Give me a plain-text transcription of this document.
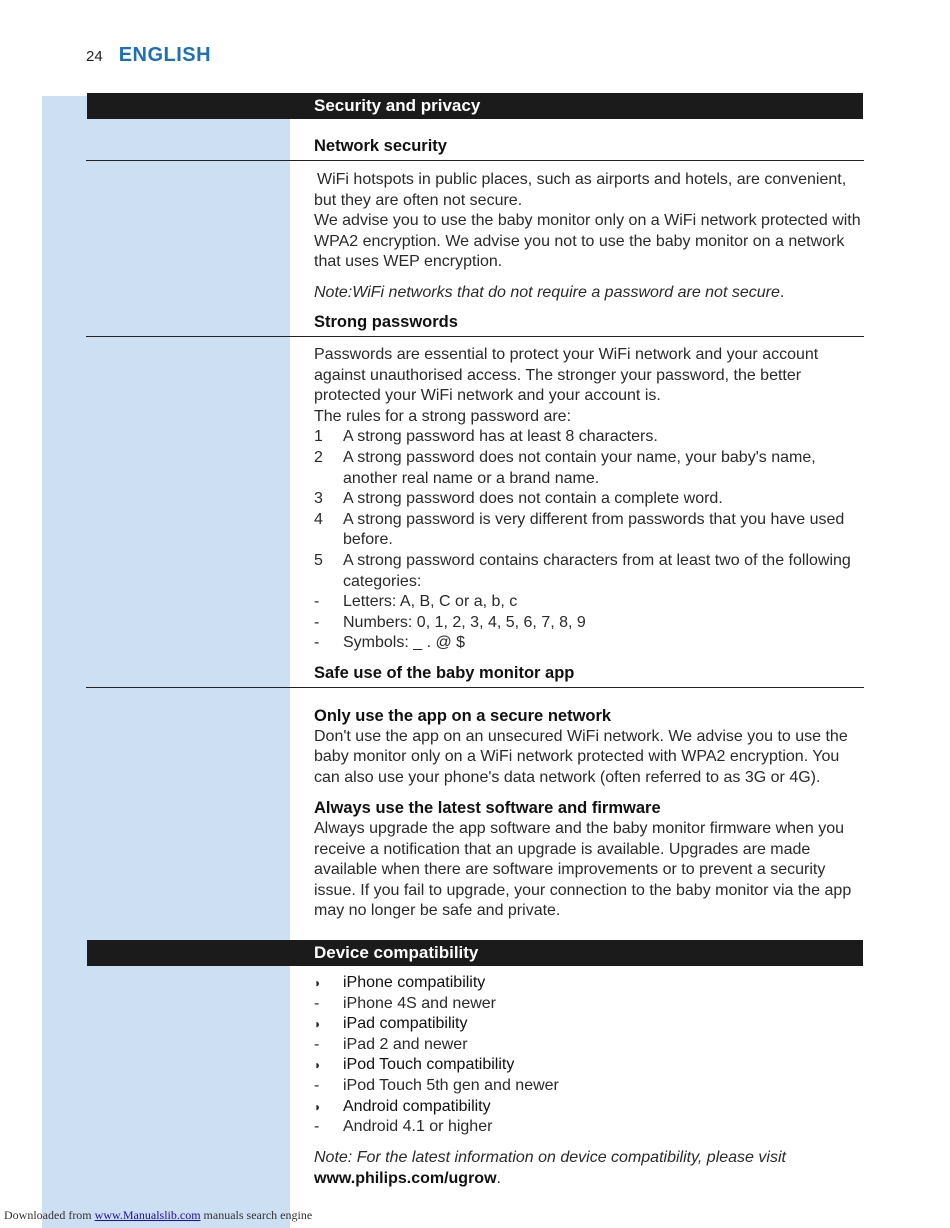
24 ENGLISH
Security and privacy
Network security

WiFi hotspots in public places, such as airports and hotels, are convenient, but they are often not secure.

We advise you to use the baby monitor only on a WiFi network protected with WPA2 encryption. We advise you not to use the baby monitor on a network that uses WEP encryption.

Note:WiFi networks that do not require a password are not secure.

Strong passwords

Passwords are essential to protect your WiFi network and your account against unauthorised access. The stronger your password, the better protected your WiFi network and your account is.

The rules for a strong password are:

1	A strong password has at least 8 characters.
2	A strong password does not contain your name, your baby's name, another real name or a brand name.
3	A strong password does not contain a complete word.
4	A strong password is very different from passwords that you have used before.
5	A strong password contains characters from at least two of the following categories:
-	Letters: A, B, C or a, b, c
-	Numbers: 0, 1, 2, 3, 4, 5, 6, 7, 8, 9
-	Symbols: _ . @ $
Safe use of the baby monitor app

Only use the app on a secure network

Don't use the app on an unsecured WiFi network. We advise you to use the baby monitor only on a WiFi network protected with WPA2 encryption. You can also use your phone's data network (often referred to as 3G or 4G).

Always use the latest software and firmware

Always upgrade the app software and the baby monitor firmware when you receive a notification that an upgrade is available. Upgrades are made available when there are software improvements or to prevent a security issue. If you fail to upgrade, your connection to the baby monitor via the app may no longer be safe and private.

Device compatibility
◗	iPhone compatibility
-	iPhone 4S and newer
◗	iPad compatibility
-	iPad 2 and newer
◗	iPod Touch compatibility
-	iPod Touch 5th gen and newer
◗	Android compatibility
-	Android 4.1 or higher

Note: For the latest information on device compatibility, please visit

www.philips.com/ugrow.

Downloaded from www.Manualslib.com manuals search engine
